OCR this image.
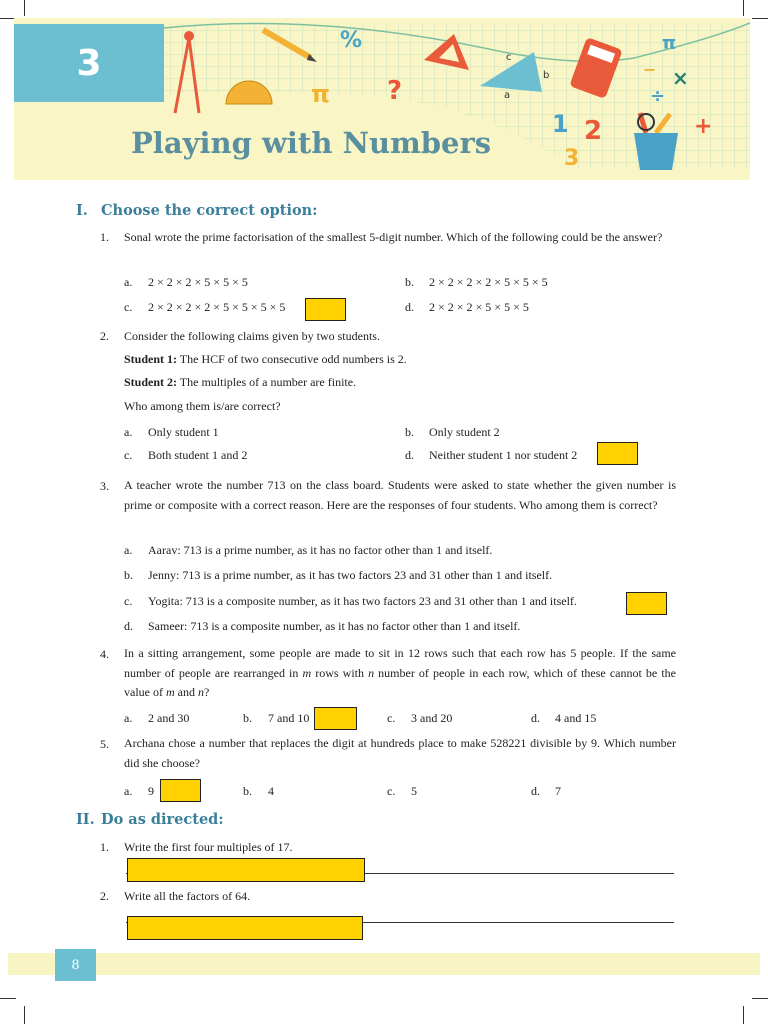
c
b
a
%
π ?
π
×
÷
+
−
1 2
3
3
Playing with Numbers
I. Choose the correct option:
1. Sonal wrote the prime factorisation of the smallest 5-digit number. Which of the following could be the answer?
a. 2 × 2 × 2 × 5 × 5 × 5	b. 2 × 2 × 2 × 2 × 5 × 5 × 5
c. 2 × 2 × 2 × 2 × 5 × 5 × 5 × 5	d. 2 × 2 × 2 × 5 × 5 × 5
2. Consider the following claims given by two students.
Student 1: The HCF of two consecutive odd numbers is 2.
Student 2: The multiples of a number are finite.
Who among them is/are correct?
a. Only student 1	b. Only student 2
c. Both student 1 and 2	d. Neither student 1 nor student 2
3. A teacher wrote the number 713 on the class board. Students were asked to state whether the given number is prime or composite with a correct reason. Here are the responses of four students. Who among them is correct?
a. Aarav: 713 is a prime number, as it has no factor other than 1 and itself.
b. Jenny: 713 is a prime number, as it has two factors 23 and 31 other than 1 and itself.
c. Yogita: 713 is a composite number, as it has two factors 23 and 31 other than 1 and itself.
d. Sameer: 713 is a composite number, as it has no factor other than 1 and itself.
4. In a sitting arrangement, some people are made to sit in 12 rows such that each row has 5 people. If the same number of people are rearranged in m rows with n number of people in each row, which of these cannot be the value of m and n?
a. 2 and 30	b. 7 and 10	c. 3 and 20	d. 4 and 15
5. Archana chose a number that replaces the digit at hundreds place to make 528221 divisible by 9. Which number did she choose?
a. 9	b. 4	c. 5	d. 7
II. Do as directed:
1. Write the first four multiples of 17.
2. Write all the factors of 64.
8
